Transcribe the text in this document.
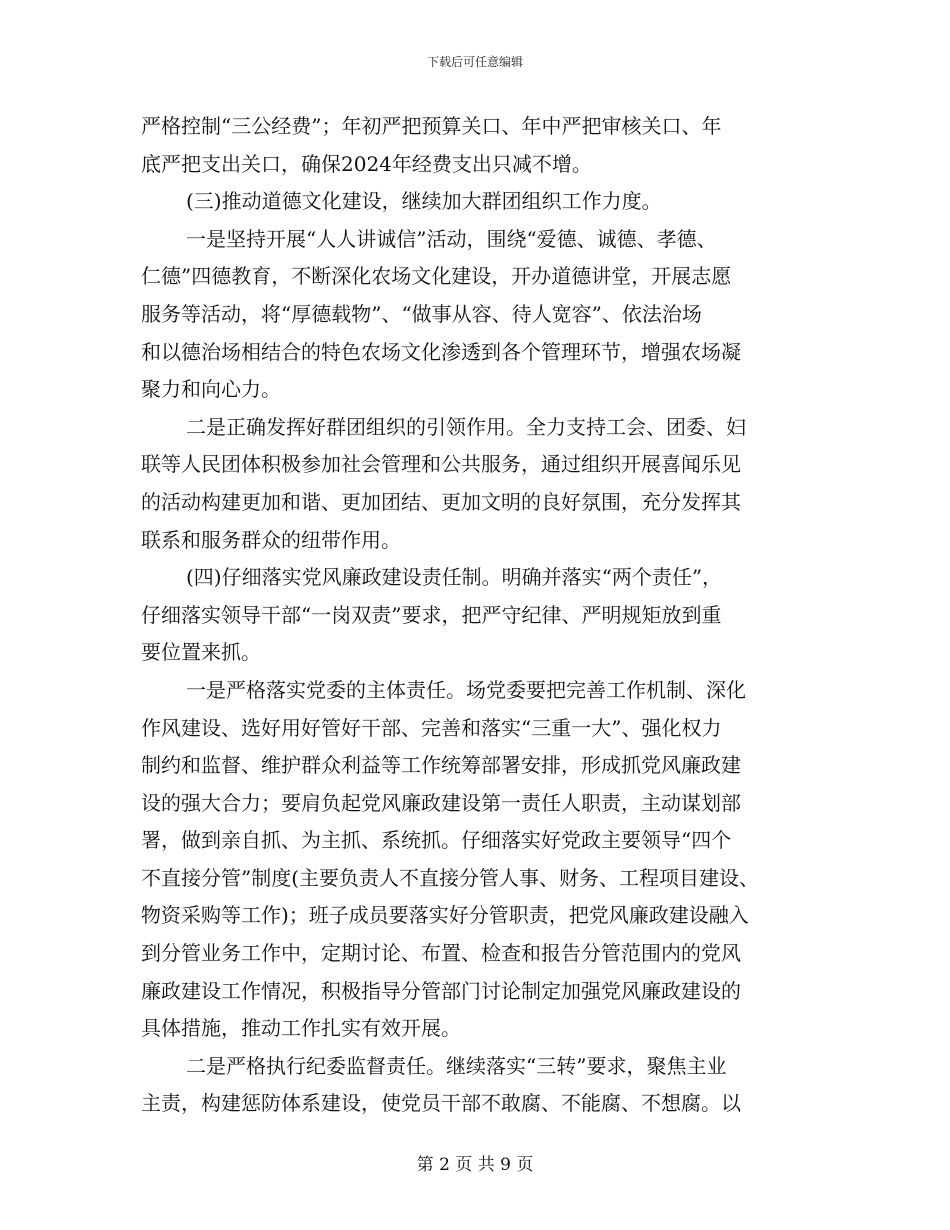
下载后可任意编辑
严格控制“三公经费”；年初严把预算关口、年中严把审核关口、年
底严把支出关口，确保2024年经费支出只减不增。
(三)推动道德文化建设，继续加大群团组织工作力度。
一是坚持开展“人人讲诚信”活动，围绕“爱德、诚德、孝德、
仁德”四德教育，不断深化农场文化建设，开办道德讲堂，开展志愿
服务等活动，将“厚德载物”、“做事从容、待人宽容”、依法治场
和以德治场相结合的特色农场文化渗透到各个管理环节，增强农场凝
聚力和向心力。
二是正确发挥好群团组织的引领作用。全力支持工会、团委、妇
联等人民团体积极参加社会管理和公共服务，通过组织开展喜闻乐见
的活动构建更加和谐、更加团结、更加文明的良好氛围，充分发挥其
联系和服务群众的纽带作用。
(四)仔细落实党风廉政建设责任制。明确并落实“两个责任”，
仔细落实领导干部“一岗双责”要求，把严守纪律、严明规矩放到重
要位置来抓。
一是严格落实党委的主体责任。场党委要把完善工作机制、深化
作风建设、选好用好管好干部、完善和落实“三重一大”、强化权力
制约和监督、维护群众利益等工作统筹部署安排，形成抓党风廉政建
设的强大合力；要肩负起党风廉政建设第一责任人职责，主动谋划部
署，做到亲自抓、为主抓、系统抓。仔细落实好党政主要领导“四个
不直接分管”制度(主要负责人不直接分管人事、财务、工程项目建设、
物资采购等工作)；班子成员要落实好分管职责，把党风廉政建设融入
到分管业务工作中，定期讨论、布置、检查和报告分管范围内的党风
廉政建设工作情况，积极指导分管部门讨论制定加强党风廉政建设的
具体措施，推动工作扎实有效开展。
二是严格执行纪委监督责任。继续落实“三转”要求，聚焦主业
主责，构建惩防体系建设，使党员干部不敢腐、不能腐、不想腐。以
第 2 页 共 9 页
